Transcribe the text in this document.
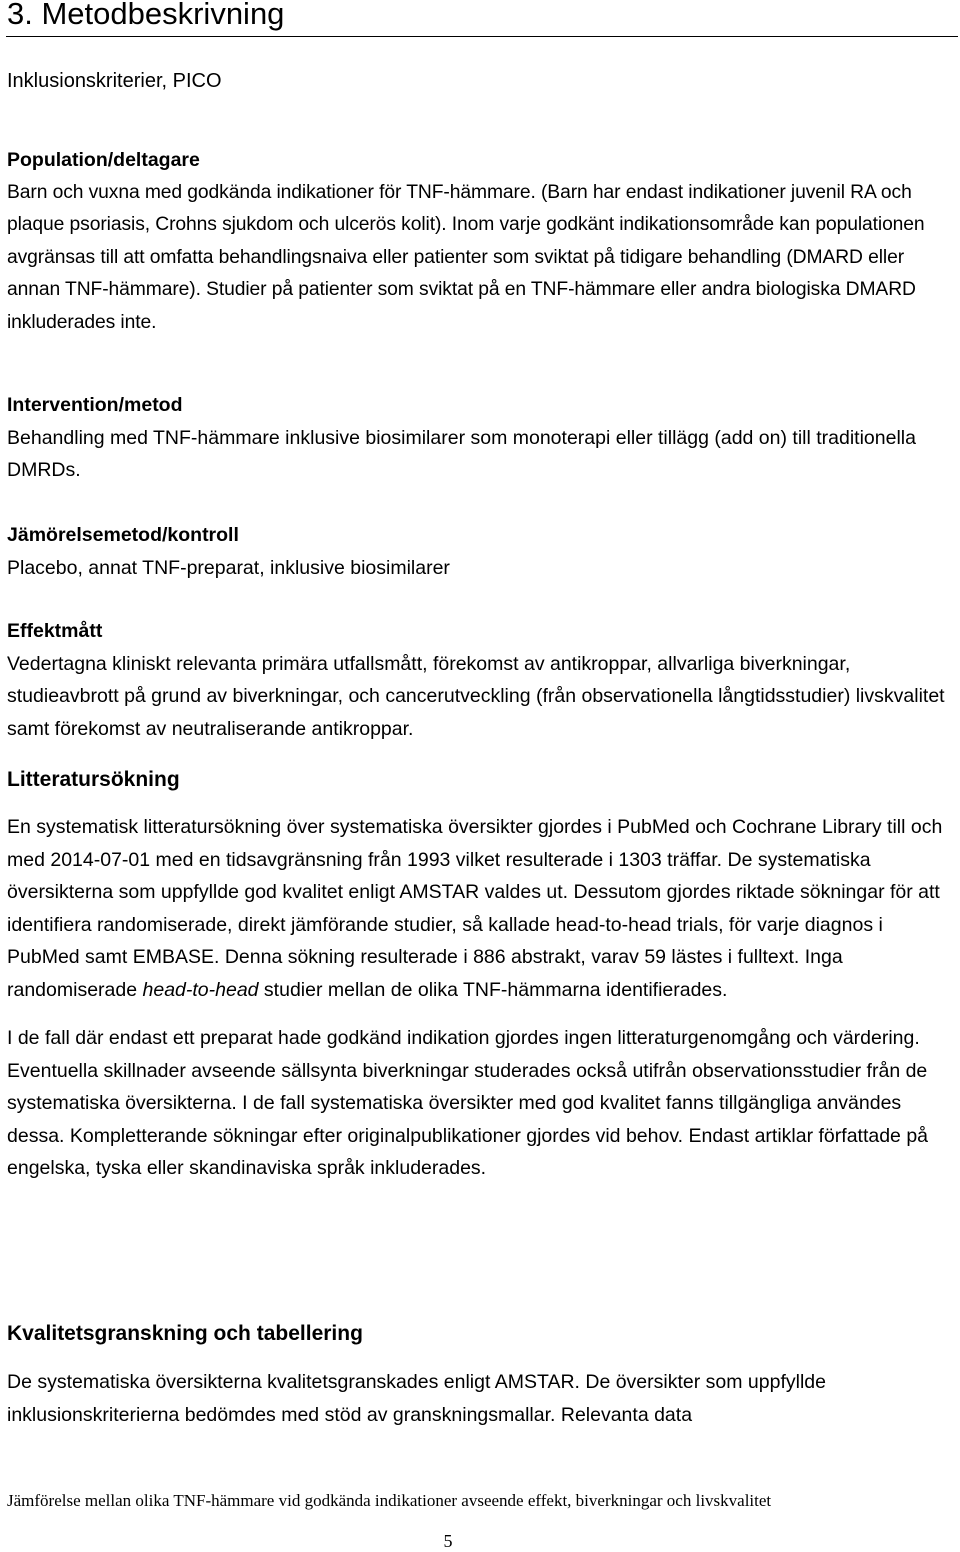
3. Metodbeskrivning
Inklusionskriterier, PICO
Population/deltagare

Barn och vuxna med godkända indikationer för TNF-hämmare. (Barn har endast indikationer juvenil RA och plaque psoriasis, Crohns sjukdom och ulcerös kolit). Inom varje godkänt indikationsområde kan populationen avgränsas till att omfatta behandlingsnaiva eller patienter som sviktat på tidigare behandling (DMARD eller annan TNF-hämmare). Studier på patienter som sviktat på en TNF-hämmare eller andra biologiska DMARD inkluderades inte.

Intervention/metod

Behandling med TNF-hämmare inklusive biosimilarer som monoterapi eller tillägg (add on) till traditionella DMRDs.

Jämörelsemetod/kontroll

Placebo, annat TNF-preparat, inklusive biosimilarer

Effektmått

Vedertagna kliniskt relevanta primära utfallsmått, förekomst av antikroppar, allvarliga biverkningar, studieavbrott på grund av biverkningar, och cancerutveckling (från observationella långtidsstudier) livskvalitet samt förekomst av neutraliserande antikroppar.

Litteratursökning

En systematisk litteratursökning över systematiska översikter gjordes i PubMed och Cochrane Library till och med 2014-07-01 med en tidsavgränsning från 1993 vilket resulterade i 1303 träffar. De systematiska översikterna som uppfyllde god kvalitet enligt AMSTAR valdes ut. Dessutom gjordes riktade sökningar för att identifiera randomiserade, direkt jämförande studier, så kallade head-to-head trials, för varje diagnos i PubMed samt EMBASE. Denna sökning resulterade i 886 abstrakt, varav 59 lästes i fulltext. Inga randomiserade head-to-head studier mellan de olika TNF-hämmarna identifierades.

I de fall där endast ett preparat hade godkänd indikation gjordes ingen litteraturgenomgång och värdering. Eventuella skillnader avseende sällsynta biverkningar studerades också utifrån observationsstudier från de systematiska översikterna. I de fall systematiska översikter med god kvalitet fanns tillgängliga användes dessa. Kompletterande sökningar efter originalpublikationer gjordes vid behov. Endast artiklar författade på engelska, tyska eller skandinaviska språk inkluderades.

Kvalitetsgranskning och tabellering

De systematiska översikterna kvalitetsgranskades enligt AMSTAR. De översikter som uppfyllde inklusionskriterierna bedömdes med stöd av granskningsmallar. Relevanta data

Jämförelse mellan olika TNF-hämmare vid godkända indikationer avseende effekt, biverkningar och livskvalitet
5
